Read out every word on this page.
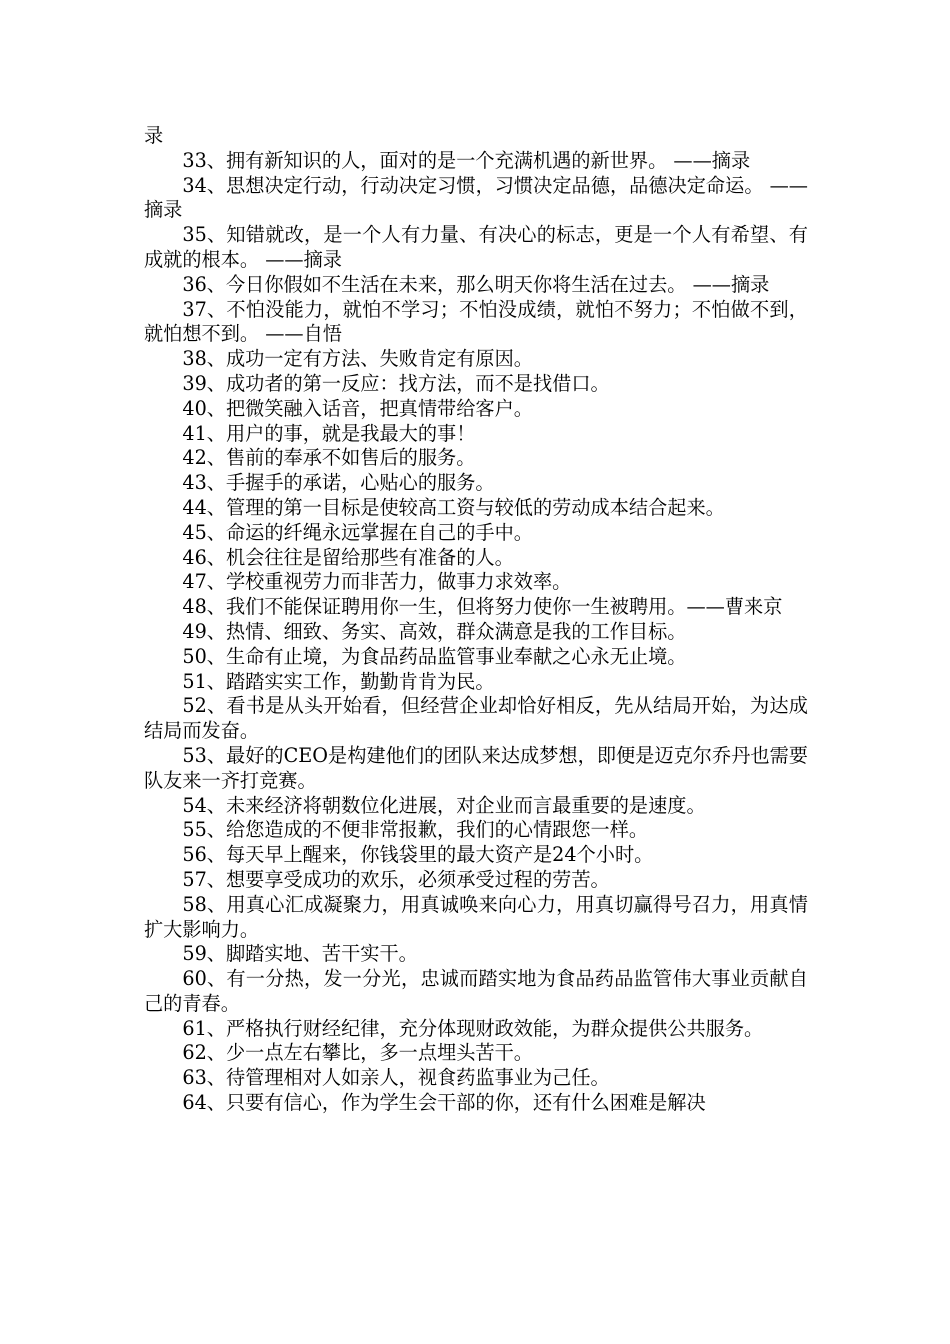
录

33、拥有新知识的人，面对的是一个充满机遇的新世界。 ——摘录

34、思想决定行动，行动决定习惯，习惯决定品德，品德决定命运。 ——摘录

35、知错就改，是一个人有力量、有决心的标志，更是一个人有希望、有成就的根本。 ——摘录

36、今日你假如不生活在未来，那么明天你将生活在过去。 ——摘录

37、不怕没能力，就怕不学习；不怕没成绩，就怕不努力；不怕做不到，就怕想不到。 ——自悟

38、成功一定有方法、失败肯定有原因。

39、成功者的第一反应：找方法，而不是找借口。

40、把微笑融入话音，把真情带给客户。

41、用户的事，就是我最大的事！

42、售前的奉承不如售后的服务。

43、手握手的承诺，心贴心的服务。

44、管理的第一目标是使较高工资与较低的劳动成本结合起来。

45、命运的纤绳永远掌握在自己的手中。

46、机会往往是留给那些有准备的人。

47、学校重视劳力而非苦力，做事力求效率。

48、我们不能保证聘用你一生，但将努力使你一生被聘用。——曹来京

49、热情、细致、务实、高效，群众满意是我的工作目标。

50、生命有止境，为食品药品监管事业奉献之心永无止境。

51、踏踏实实工作，勤勤肯肯为民。

52、看书是从头开始看，但经营企业却恰好相反，先从结局开始，为达成结局而发奋。

53、最好的CEO是构建他们的团队来达成梦想，即便是迈克尔乔丹也需要队友来一齐打竞赛。

54、未来经济将朝数位化进展，对企业而言最重要的是速度。

55、给您造成的不便非常报歉，我们的心情跟您一样。

56、每天早上醒来，你钱袋里的最大资产是24个小时。

57、想要享受成功的欢乐，必须承受过程的劳苦。

58、用真心汇成凝聚力，用真诚唤来向心力，用真切赢得号召力，用真情扩大影响力。

59、脚踏实地、苦干实干。

60、有一分热，发一分光，忠诚而踏实地为食品药品监管伟大事业贡献自己的青春。

61、严格执行财经纪律，充分体现财政效能，为群众提供公共服务。

62、少一点左右攀比，多一点埋头苦干。

63、待管理相对人如亲人，视食药监事业为己任。

64、只要有信心，作为学生会干部的你，还有什么困难是解决
